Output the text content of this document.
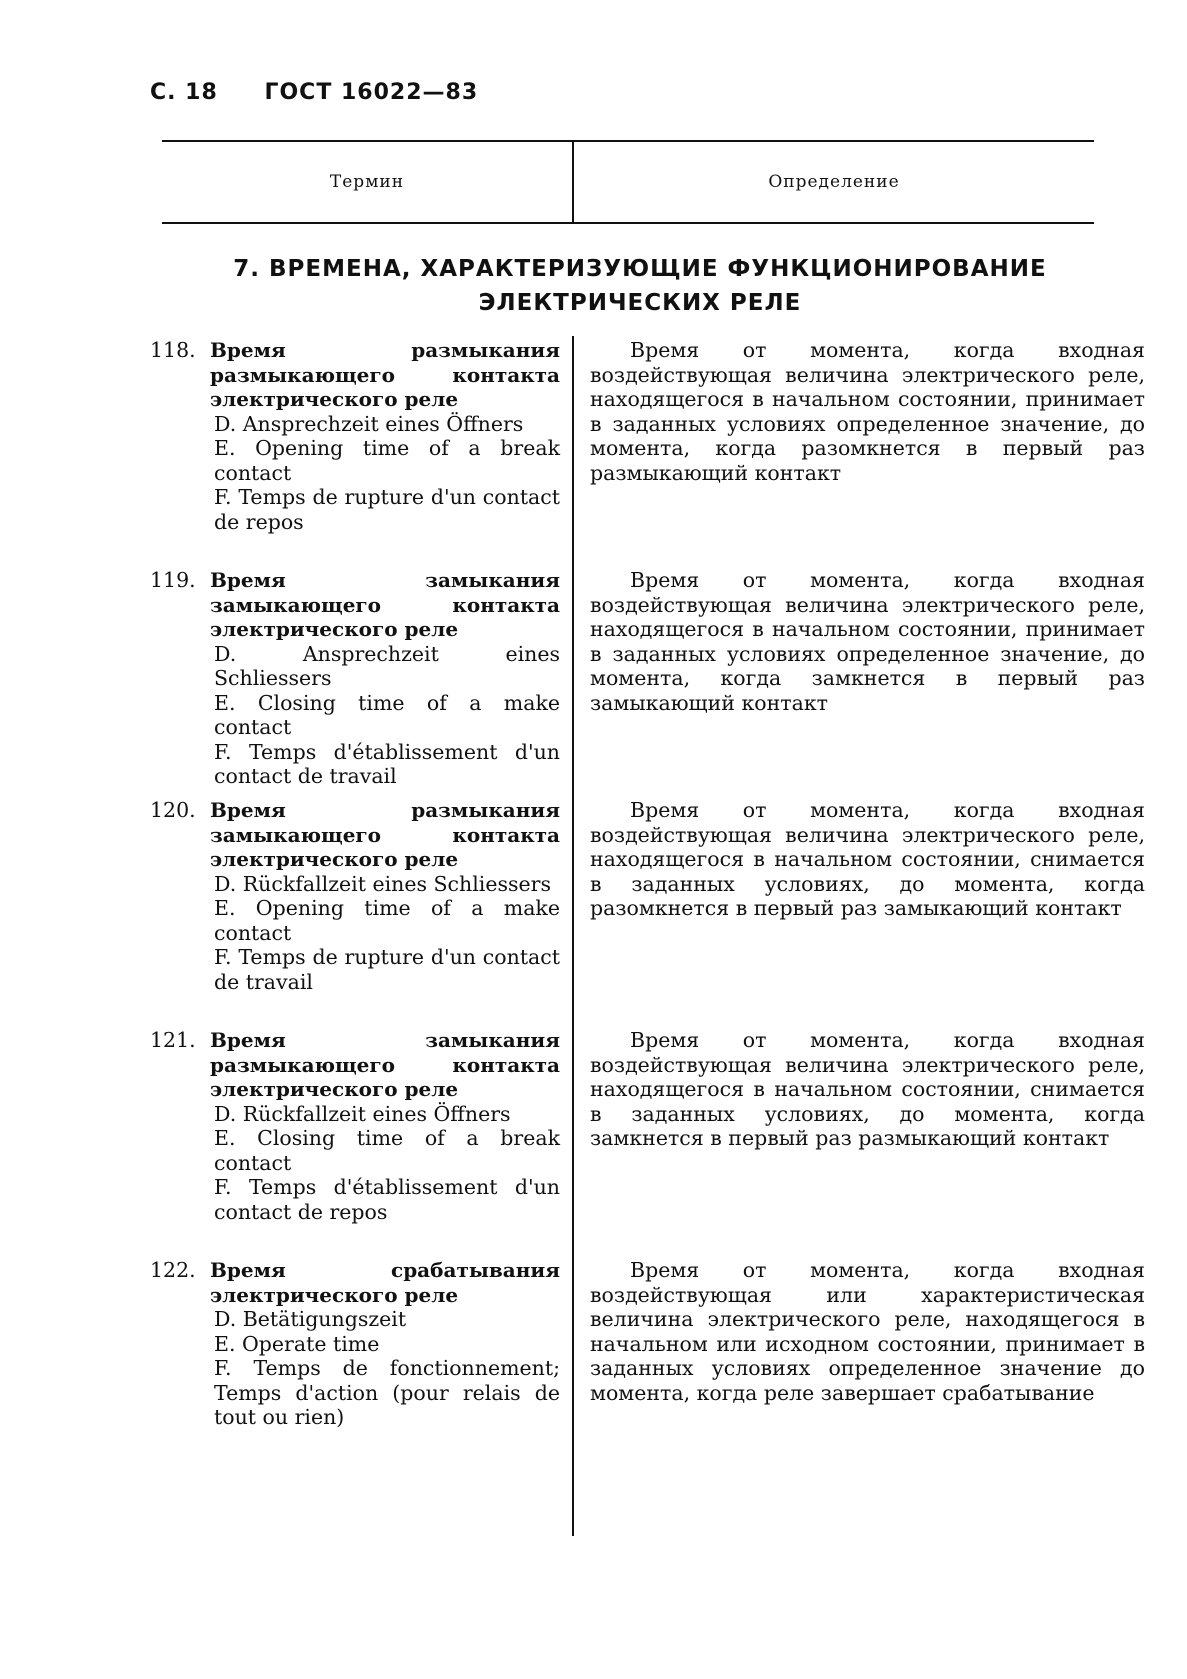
С. 18 ГОСТ 16022—83
Термин	Определение
7. ВРЕМЕНА, ХАРАКТЕРИЗУЮЩИЕ ФУНКЦИОНИРОВАНИЕ
ЭЛЕКТРИЧЕСКИХ РЕЛЕ
118. Время размыкания размыкающего контакта электрического реле
D. Ansprechzeit eines Öffners
E. Opening time of a break contact
F. Temps de rupture d'un contact de repos
Время от момента, когда входная воздействующая величина электрического реле, находящегося в начальном состоянии, принимает в заданных условиях определенное значение, до момента, когда разомкнется в первый раз размыкающий контакт
119. Время замыкания замыкающего контакта электрического реле
D. Ansprechzeit eines Schliessers
E. Closing time of a make contact
F. Temps d'établissement d'un contact de travail
Время от момента, когда входная воздействующая величина электрического реле, находящегося в начальном состоянии, принимает в заданных условиях определенное значение, до момента, когда замкнется в первый раз замыкающий контакт
120. Время размыкания замыкающего контакта электрического реле
D. Rückfallzeit eines Schliessers
E. Opening time of a make contact
F. Temps de rupture d'un contact de travail
Время от момента, когда входная воздействующая величина электрического реле, находящегося в начальном состоянии, снимается в заданных условиях, до момента, когда разомкнется в первый раз замыкающий контакт
121. Время замыкания размыкающего контакта электрического реле
D. Rückfallzeit eines Öffners
E. Closing time of a break contact
F. Temps d'établissement d'un contact de repos
Время от момента, когда входная воздействующая величина электрического реле, находящегося в начальном состоянии, снимается в заданных условиях, до момента, когда замкнется в первый раз размыкающий контакт
122. Время срабатывания электрического реле
D. Betätigungszeit
E. Operate time
F. Temps de fonctionnement; Temps d'action (pour relais de tout ou rien)
Время от момента, когда входная воздействующая или характеристическая величина электрического реле, находящегося в начальном или исходном состоянии, принимает в заданных условиях определенное значение до момента, когда реле завершает срабатывание
